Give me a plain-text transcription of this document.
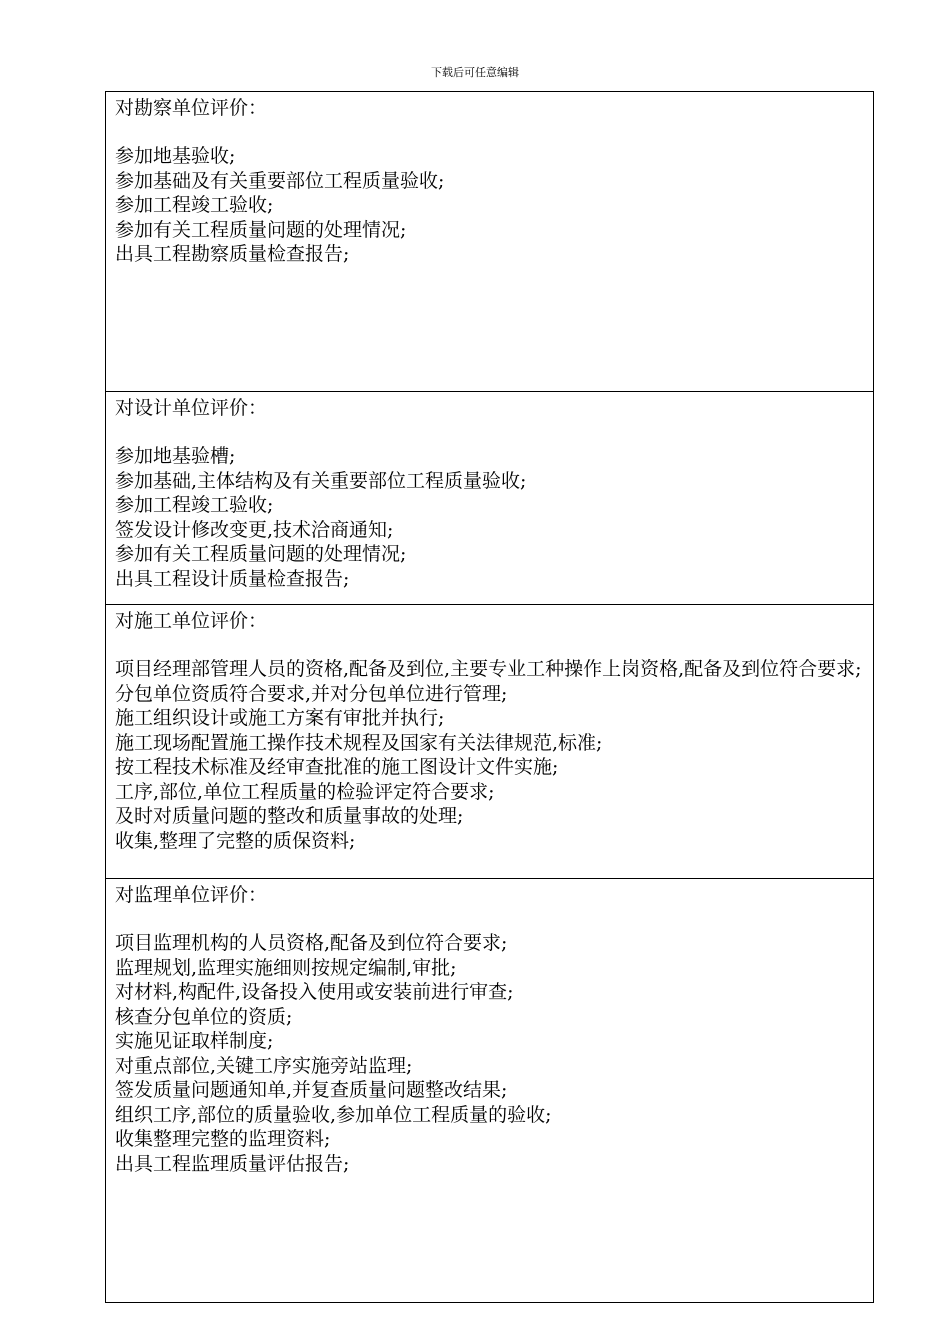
下载后可任意编辑
对勘察单位评价：
参加地基验收;
参加基础及有关重要部位工程质量验收;
参加工程竣工验收;
参加有关工程质量问题的处理情况;
出具工程勘察质量检查报告;
对设计单位评价：
参加地基验槽;
参加基础,主体结构及有关重要部位工程质量验收;
参加工程竣工验收;
签发设计修改变更,技术洽商通知;
参加有关工程质量问题的处理情况;
出具工程设计质量检查报告;
对施工单位评价：
项目经理部管理人员的资格,配备及到位,主要专业工种操作上岗资格,配备及到位符合要求;
分包单位资质符合要求,并对分包单位进行管理;
施工组织设计或施工方案有审批并执行;
施工现场配置施工操作技术规程及国家有关法律规范,标准;
按工程技术标准及经审查批准的施工图设计文件实施;
工序,部位,单位工程质量的检验评定符合要求;
及时对质量问题的整改和质量事故的处理;
收集,整理了完整的质保资料;
对监理单位评价：
项目监理机构的人员资格,配备及到位符合要求;
监理规划,监理实施细则按规定编制,审批;
对材料,构配件,设备投入使用或安装前进行审查;
核查分包单位的资质;
实施见证取样制度;
对重点部位,关键工序实施旁站监理;
签发质量问题通知单,并复查质量问题整改结果;
组织工序,部位的质量验收,参加单位工程质量的验收;
收集整理完整的监理资料;
出具工程监理质量评估报告;
